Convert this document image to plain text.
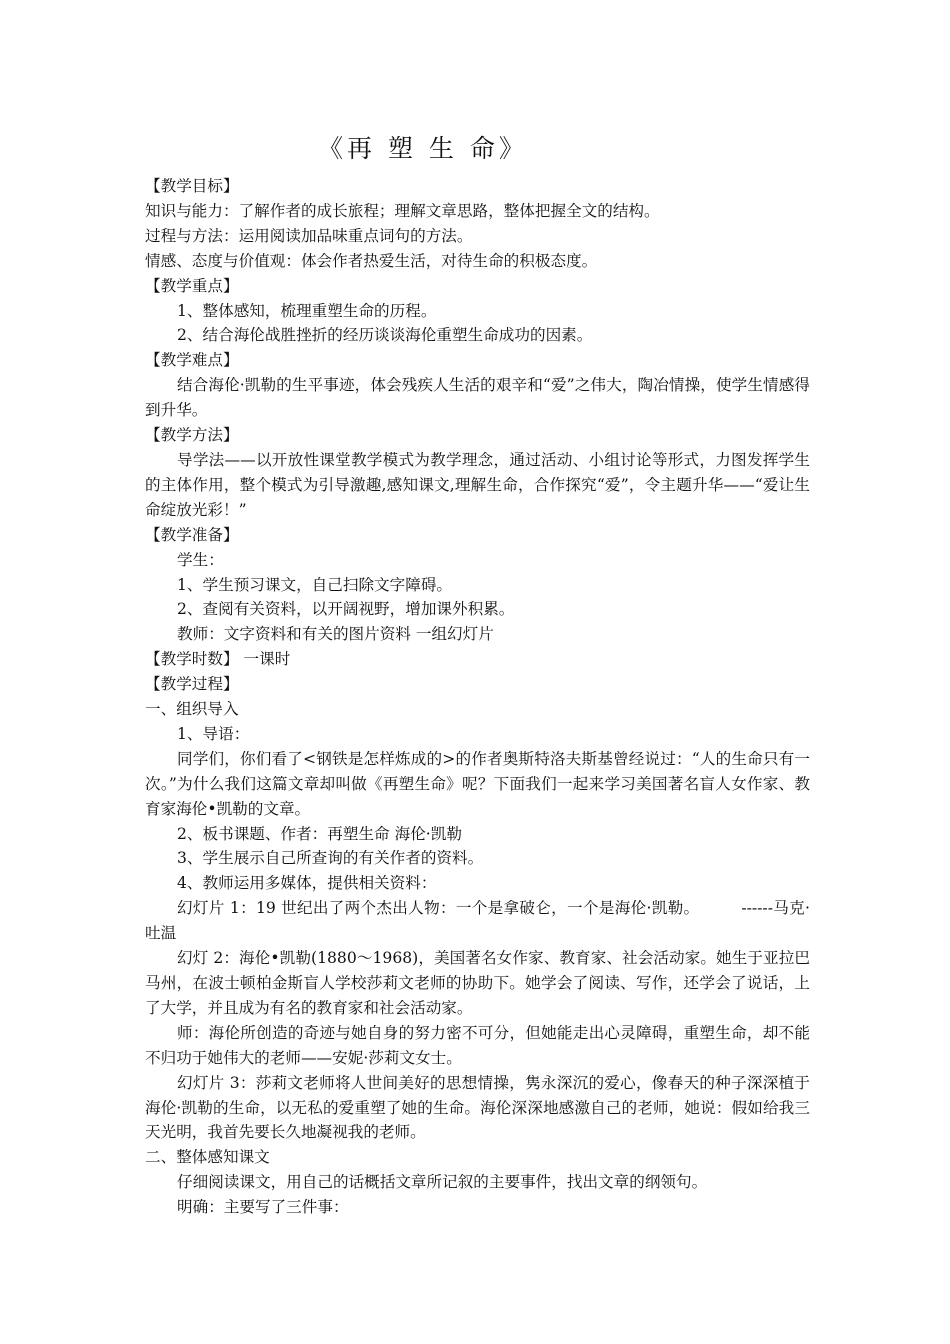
《再 塑 生 命》

【教学目标】

知识与能力：了解作者的成长旅程；理解文章思路，整体把握全文的结构。

过程与方法：运用阅读加品味重点词句的方法。

情感、态度与价值观：体会作者热爱生活，对待生命的积极态度。

【教学重点】

1、整体感知，梳理重塑生命的历程。

2、结合海伦战胜挫折的经历谈谈海伦重塑生命成功的因素。

【教学难点】

结合海伦·凯勒的生平事迹，体会残疾人生活的艰辛和“爱”之伟大，陶冶情操，使学生情感得到升华。

【教学方法】

导学法——以开放性课堂教学模式为教学理念，通过活动、小组讨论等形式，力图发挥学生的主体作用，整个模式为引导激趣,感知课文,理解生命，合作探究“爱”，令主题升华——“爱让生命绽放光彩！”

【教学准备】

学生：

1、学生预习课文，自己扫除文字障碍。

2、查阅有关资料，以开阔视野，增加课外积累。

教师：文字资料和有关的图片资料 一组幻灯片

【教学时数】 一课时

【教学过程】

一、组织导入

1、导语：

同学们，你们看了<钢铁是怎样炼成的>的作者奥斯特洛夫斯基曾经说过：“人的生命只有一次。”为什么我们这篇文章却叫做《再塑生命》呢？下面我们一起来学习美国著名盲人女作家、教育家海伦•凯勒的文章。

2、板书课题、作者：再塑生命 海伦·凯勒

3、学生展示自己所查询的有关作者的资料。

4、教师运用多媒体，提供相关资料：

幻灯片 1：19 世纪出了两个杰出人物：一个是拿破仑，一个是海伦·凯勒。        ------马克·吐温

幻灯 2：海伦•凯勒(1880～1968)，美国著名女作家、教育家、社会活动家。她生于亚拉巴马州，在波士顿柏金斯盲人学校莎莉文老师的协助下。她学会了阅读、写作，还学会了说话，上了大学，并且成为有名的教育家和社会活动家。

师：海伦所创造的奇迹与她自身的努力密不可分，但她能走出心灵障碍，重塑生命，却不能不归功于她伟大的老师——安妮·莎莉文女士。

幻灯片 3：莎莉文老师将人世间美好的思想情操，隽永深沉的爱心，像春天的种子深深植于海伦·凯勒的生命，以无私的爱重塑了她的生命。海伦深深地感激自己的老师，她说：假如给我三天光明，我首先要长久地凝视我的老师。

二、整体感知课文

仔细阅读课文，用自己的话概括文章所记叙的主要事件，找出文章的纲领句。

明确：主要写了三件事：
